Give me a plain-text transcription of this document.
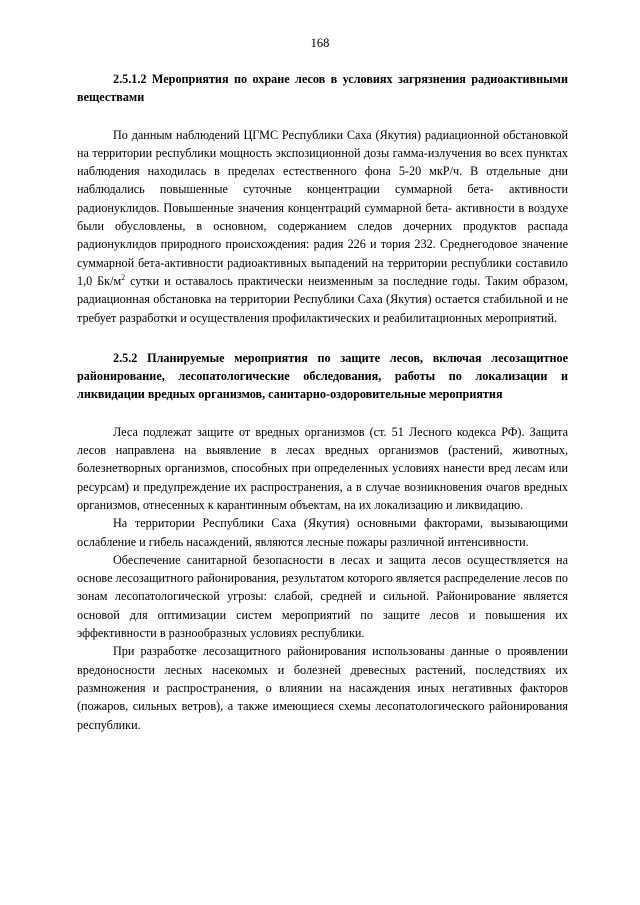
168

2.5.1.2 Мероприятия по охране лесов в условиях загрязнения радиоактивными веществами

По данным наблюдений ЦГМС Республики Саха (Якутия) радиационной обстановкой на территории республики мощность экспозиционной дозы гамма-излучения во всех пунктах наблюдения находилась в пределах естественного фона 5-20 мкР/ч. В отдельные дни наблюдались повышенные суточные концентрации суммарной бета- активности радионуклидов. Повышенные значения концентраций суммарной бета- активности в воздухе были обусловлены, в основном, содержанием следов дочерних продуктов распада радионуклидов природного происхождения: радия 226 и тория 232. Среднегодовое значение суммарной бета-активности радиоактивных выпадений на территории республики составило 1,0 $Бк/м^2$ сутки и оставалось практически неизменным за последние годы. Таким образом, радиационная обстановка на территории Республики Саха (Якутия) остается стабильной и не требует разработки и осуществления профилактических и реабилитационных мероприятий.

2.5.2 Планируемые мероприятия по защите лесов, включая лесозащитное районирование, лесопатологические обследования, работы по локализации и ликвидации вредных организмов, санитарно-оздоровительные мероприятия

Леса подлежат защите от вредных организмов (ст. 51 Лесного кодекса РФ). Защита лесов направлена на выявление в лесах вредных организмов (растений, животных, болезнетворных организмов, способных при определенных условиях нанести вред лесам или ресурсам) и предупреждение их распространения, а в случае возникновения очагов вредных организмов, отнесенных к карантинным объектам, на их локализацию и ликвидацию.

На территории Республики Саха (Якутия) основными факторами, вызывающими ослабление и гибель насаждений, являются лесные пожары различной интенсивности.

Обеспечение санитарной безопасности в лесах и защита лесов осуществляется на основе лесозащитного районирования, результатом которого является распределение лесов по зонам лесопатологической угрозы: слабой, средней и сильной. Районирование является основой для оптимизации систем мероприятий по защите лесов и повышения их эффективности в разнообразных условиях республики.

При разработке лесозащитного районирования использованы данные о проявлении вредоносности лесных насекомых и болезней древесных растений, последствиях их размножения и распространения, о влиянии на насаждения иных негативных факторов (пожаров, сильных ветров), а также имеющиеся схемы лесопатологического районирования республики.
